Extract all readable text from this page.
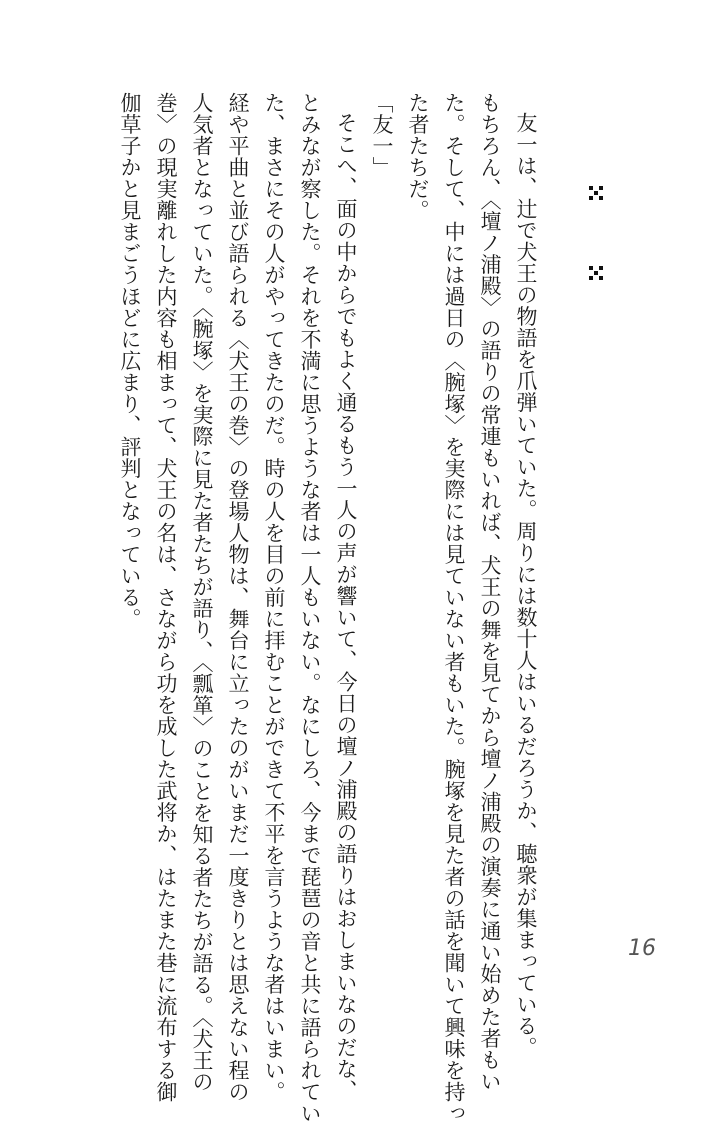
友一は、辻で犬王の物語を爪弾いていた。周りには数十人はいるだろうか、聴衆が集まっている。

もちろん、〈壇ノ浦殿〉の語りの常連もいれば、犬王の舞を見てから壇ノ浦殿の演奏に通い始めた者もい

た。そして、中には過日の〈腕塚〉を実際には見ていない者もいた。腕塚を見た者の話を聞いて興味を持っ

た者たちだ。

「友一」

そこへ、面の中からでもよく通るもう一人の声が響いて、今日の壇ノ浦殿の語りはおしまいなのだな、

とみなが察した。それを不満に思うような者は一人もいない。なにしろ、今まで琵琶の音と共に語られてい

た、まさにその人がやってきたのだ。時の人を目の前に拝むことができて不平を言うような者はいまい。

経や平曲と並び語られる〈犬王の巻〉の登場人物は、舞台に立ったのがいまだ一度きりとは思えない程の

人気者となっていた。〈腕塚〉を実際に見た者たちが語り、〈瓢箪〉のことを知る者たちが語る。〈犬王の

巻〉の現実離れした内容も相まって、犬王の名は、さながら功を成した武将か、はたまた巷に流布する御

伽草子かと見まごうほどに広まり、評判となっている。

16
